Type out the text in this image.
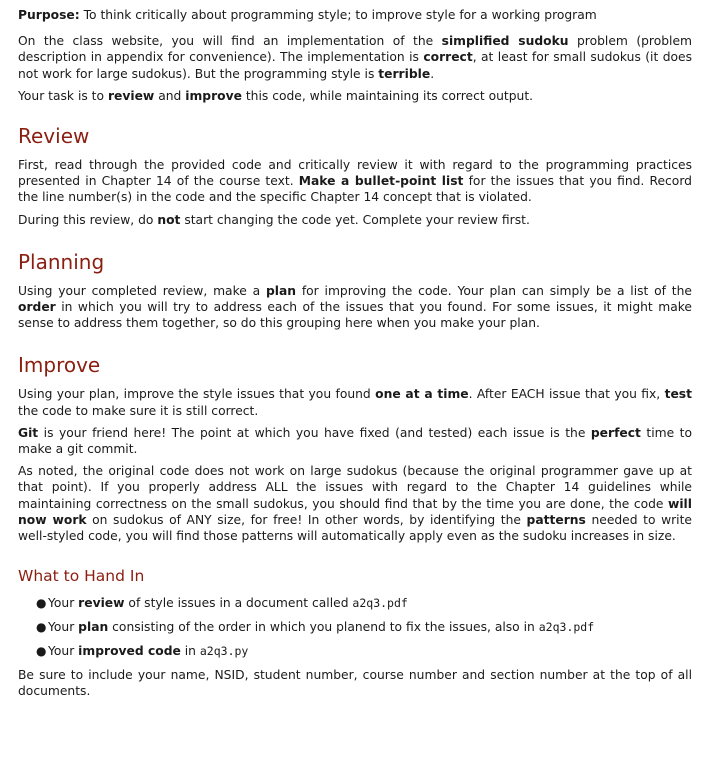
Purpose: To think critically about programming style; to improve style for a working program

On the class website, you will find an implementation of the simplified sudoku problem (problem description in appendix for convenience). The implementation is correct, at least for small sudokus (it does not work for large sudokus). But the programming style is terrible.

Your task is to review and improve this code, while maintaining its correct output.

Review

First, read through the provided code and critically review it with regard to the programming practices presented in Chapter 14 of the course text. Make a bullet-point list for the issues that you find. Record the line number(s) in the code and the specific Chapter 14 concept that is violated.

During this review, do not start changing the code yet. Complete your review first.

Planning

Using your completed review, make a plan for improving the code. Your plan can simply be a list of the order in which you will try to address each of the issues that you found. For some issues, it might make sense to address them together, so do this grouping here when you make your plan.

Improve

Using your plan, improve the style issues that you found one at a time. After EACH issue that you fix, test the code to make sure it is still correct.

Git is your friend here! The point at which you have fixed (and tested) each issue is the perfect time to make a git commit.

As noted, the original code does not work on large sudokus (because the original programmer gave up at that point). If you properly address ALL the issues with regard to the Chapter 14 guidelines while maintaining correctness on the small sudokus, you should find that by the time you are done, the code will now work on sudokus of ANY size, for free! In other words, by identifying the patterns needed to write well-styled code, you will find those patterns will automatically apply even as the sudoku increases in size.

What to Hand In
● Your review of style issues in a document called a2q3.pdf
● Your plan consisting of the order in which you planend to fix the issues, also in a2q3.pdf
● Your improved code in a2q3.py

Be sure to include your name, NSID, student number, course number and section number at the top of all documents.
